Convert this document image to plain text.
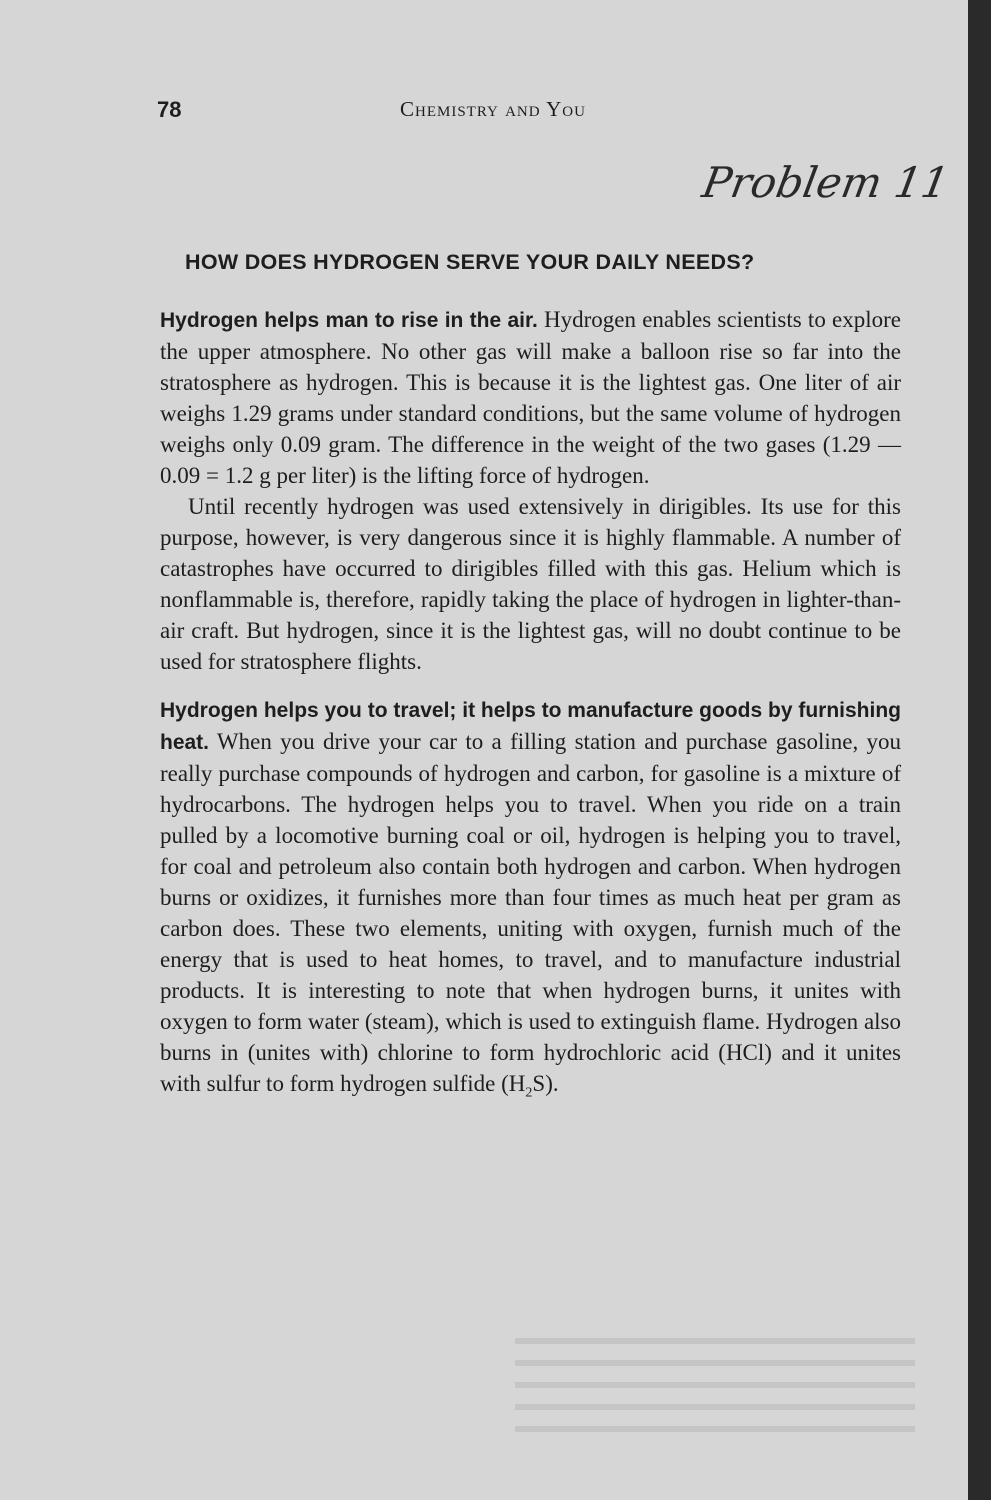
78	Chemistry and You
Problem 11
HOW DOES HYDROGEN SERVE YOUR DAILY NEEDS?

Hydrogen helps man to rise in the air. Hydrogen enables scientists to explore the upper atmosphere. No other gas will make a balloon rise so far into the stratosphere as hydrogen. This is because it is the lightest gas. One liter of air weighs 1.29 grams under standard conditions, but the same volume of hydrogen weighs only 0.09 gram. The difference in the weight of the two gases (1.29 —0.09 = 1.2 g per liter) is the lifting force of hydrogen.

Until recently hydrogen was used extensively in dirigibles. Its use for this purpose, however, is very dangerous since it is highly flammable. A number of catastrophes have occurred to dirigibles filled with this gas. Helium which is nonflammable is, therefore, rapidly taking the place of hydrogen in lighter-than-air craft. But hydrogen, since it is the lightest gas, will no doubt continue to be used for stratosphere flights.

Hydrogen helps you to travel; it helps to manufacture goods by furnishing heat. When you drive your car to a filling station and purchase gasoline, you really purchase compounds of hydrogen and carbon, for gasoline is a mixture of hydrocarbons. The hydrogen helps you to travel. When you ride on a train pulled by a locomotive burning coal or oil, hydrogen is helping you to travel, for coal and petroleum also contain both hydrogen and carbon. When hydrogen burns or oxidizes, it furnishes more than four times as much heat per gram as carbon does. These two elements, uniting with oxygen, furnish much of the energy that is used to heat homes, to travel, and to manufacture industrial products. It is interesting to note that when hydrogen burns, it unites with oxygen to form water (steam), which is used to extinguish flame. Hydrogen also burns in (unites with) chlorine to form hydrochloric acid (HCl) and it unites with sulfur to form hydrogen sulfide $(H_2S)$.
